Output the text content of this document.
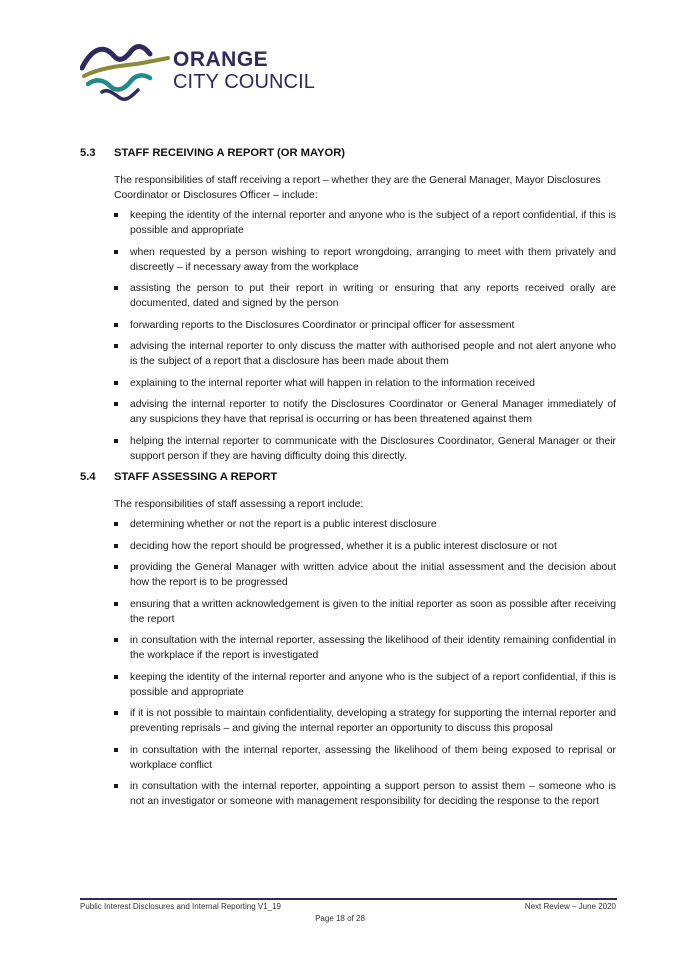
ORANGE
CITY COUNCIL
5.3	STAFF RECEIVING A REPORT (OR MAYOR)
The responsibilities of staff receiving a report – whether they are the General Manager, Mayor Disclosures Coordinator or Disclosures Officer – include:
keeping the identity of the internal reporter and anyone who is the subject of a report confidential, if this is possible and appropriate
when requested by a person wishing to report wrongdoing, arranging to meet with them privately and discreetly – if necessary away from the workplace
assisting the person to put their report in writing or ensuring that any reports received orally are documented, dated and signed by the person
forwarding reports to the Disclosures Coordinator or principal officer for assessment
advising the internal reporter to only discuss the matter with authorised people and not alert anyone who is the subject of a report that a disclosure has been made about them
explaining to the internal reporter what will happen in relation to the information received
advising the internal reporter to notify the Disclosures Coordinator or General Manager immediately of any suspicions they have that reprisal is occurring or has been threatened against them
helping the internal reporter to communicate with the Disclosures Coordinator, General Manager or their support person if they are having difficulty doing this directly.
5.4	STAFF ASSESSING A REPORT
The responsibilities of staff assessing a report include:
determining whether or not the report is a public interest disclosure
deciding how the report should be progressed, whether it is a public interest disclosure or not
providing the General Manager with written advice about the initial assessment and the decision about how the report is to be progressed
ensuring that a written acknowledgement is given to the initial reporter as soon as possible after receiving the report
in consultation with the internal reporter, assessing the likelihood of their identity remaining confidential in the workplace if the report is investigated
keeping the identity of the internal reporter and anyone who is the subject of a report confidential, if this is possible and appropriate
if it is not possible to maintain confidentiality, developing a strategy for supporting the internal reporter and preventing reprisals – and giving the internal reporter an opportunity to discuss this proposal
in consultation with the internal reporter, assessing the likelihood of them being exposed to reprisal or workplace conflict
in consultation with the internal reporter, appointing a support person to assist them – someone who is not an investigator or someone with management responsibility for deciding the response to the report
Public Interest Disclosures and Internal Reporting V1_19	Next Review – June 2020
Page 18 of 28
